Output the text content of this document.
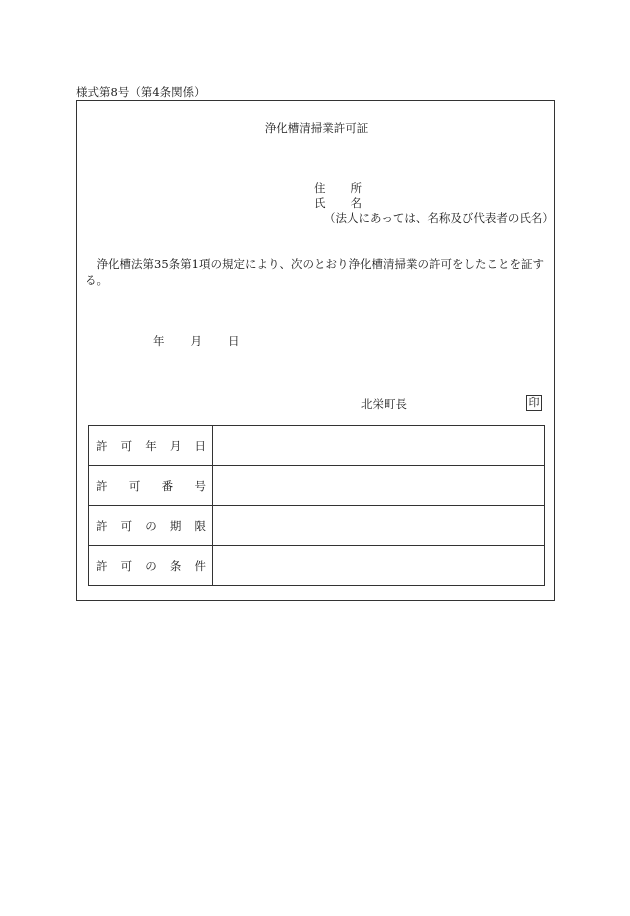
様式第8号（第4条関係）
浄化槽清掃業許可証
住 所
氏 名
（法人にあっては、名称及び代表者の氏名）
浄化槽法第35条第1項の規定により、次のとおり浄化槽清掃業の許可をしたことを証する。
年 月 日
北栄町長	印
許 可 年 月 日	

許 可 番 号	

許 可 の 期 限	

許 可 の 条 件	
